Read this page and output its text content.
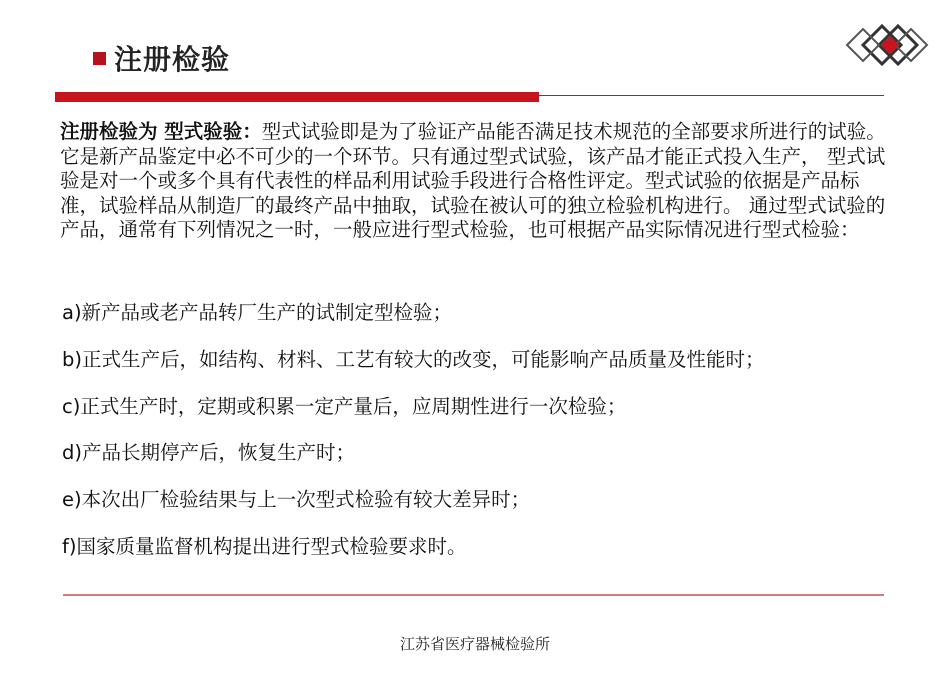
注册检验

注册检验为 型式验验：型式试验即是为了验证产品能否满足技术规范的全部要求所进行的试验。它是新产品鉴定中必不可少的一个环节。只有通过型式试验，该产品才能正式投入生产， 型式试验是对一个或多个具有代表性的样品利用试验手段进行合格性评定。型式试验的依据是产品标准，试验样品从制造厂的最终产品中抽取，试验在被认可的独立检验机构进行。 通过型式试验的产品，通常有下列情况之一时，一般应进行型式检验，也可根据产品实际情况进行型式检验：

a)新产品或老产品转厂生产的试制定型检验；
b)正式生产后，如结构、材料、工艺有较大的改变，可能影响产品质量及性能时；
c)正式生产时，定期或积累一定产量后，应周期性进行一次检验；
d)产品长期停产后，恢复生产时；
e)本次出厂检验结果与上一次型式检验有较大差异时；
f)国家质量监督机构提出进行型式检验要求时。
江苏省医疗器械检验所
